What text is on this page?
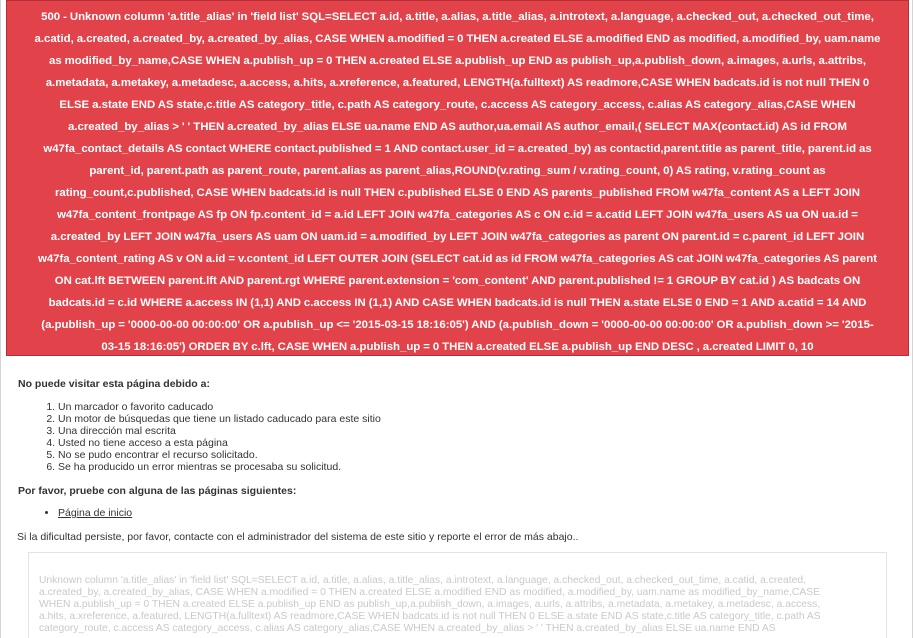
500 - Unknown column 'a.title_alias' in 'field list' SQL=SELECT a.id, a.title, a.alias, a.title_alias, a.introtext, a.language, a.checked_out, a.checked_out_time,
a.catid, a.created, a.created_by, a.created_by_alias, CASE WHEN a.modified = 0 THEN a.created ELSE a.modified END as modified, a.modified_by, uam.name
as modified_by_name,CASE WHEN a.publish_up = 0 THEN a.created ELSE a.publish_up END as publish_up,a.publish_down, a.images, a.urls, a.attribs,
a.metadata, a.metakey, a.metadesc, a.access, a.hits, a.xreference, a.featured, LENGTH(a.fulltext) AS readmore,CASE WHEN badcats.id is not null THEN 0
ELSE a.state END AS state,c.title AS category_title, c.path AS category_route, c.access AS category_access, c.alias AS category_alias,CASE WHEN
a.created_by_alias > ' ' THEN a.created_by_alias ELSE ua.name END AS author,ua.email AS author_email,( SELECT MAX(contact.id) AS id FROM
w47fa_contact_details AS contact WHERE contact.published = 1 AND contact.user_id = a.created_by) as contactid,parent.title as parent_title, parent.id as
parent_id, parent.path as parent_route, parent.alias as parent_alias,ROUND(v.rating_sum / v.rating_count, 0) AS rating, v.rating_count as
rating_count,c.published, CASE WHEN badcats.id is null THEN c.published ELSE 0 END AS parents_published FROM w47fa_content AS a LEFT JOIN
w47fa_content_frontpage AS fp ON fp.content_id = a.id LEFT JOIN w47fa_categories AS c ON c.id = a.catid LEFT JOIN w47fa_users AS ua ON ua.id =
a.created_by LEFT JOIN w47fa_users AS uam ON uam.id = a.modified_by LEFT JOIN w47fa_categories as parent ON parent.id = c.parent_id LEFT JOIN
w47fa_content_rating AS v ON a.id = v.content_id LEFT OUTER JOIN (SELECT cat.id as id FROM w47fa_categories AS cat JOIN w47fa_categories AS parent
ON cat.lft BETWEEN parent.lft AND parent.rgt WHERE parent.extension = 'com_content' AND parent.published != 1 GROUP BY cat.id ) AS badcats ON
badcats.id = c.id WHERE a.access IN (1,1) AND c.access IN (1,1) AND CASE WHEN badcats.id is null THEN a.state ELSE 0 END = 1 AND a.catid = 14 AND
(a.publish_up = '0000-00-00 00:00:00' OR a.publish_up <= '2015-03-15 18:16:05') AND (a.publish_down = '0000-00-00 00:00:00' OR a.publish_down >= '2015-
03-15 18:16:05') ORDER BY c.lft, CASE WHEN a.publish_up = 0 THEN a.created ELSE a.publish_up END DESC , a.created LIMIT 0, 10
No puede visitar esta página debido a:
1. Un marcador o favorito caducado
2. Un motor de búsquedas que tiene un listado caducado para este sitio
3. Una dirección mal escrita
4. Usted no tiene acceso a esta página
5. No se pudo encontrar el recurso solicitado.
6. Se ha producido un error mientras se procesaba su solicitud.
Por favor, pruebe con alguna de las páginas siguientes:
• Página de inicio

Si la dificultad persiste, por favor, contacte con el administrador del sistema de este sitio y reporte el error de más abajo..

Unknown column 'a.title_alias' in 'field list' SQL=SELECT a.id, a.title, a.alias, a.title_alias, a.introtext, a.language, a.checked_out, a.checked_out_time, a.catid, a.created,
a.created_by, a.created_by_alias, CASE WHEN a.modified = 0 THEN a.created ELSE a.modified END as modified, a.modified_by, uam.name as modified_by_name,CASE
WHEN a.publish_up = 0 THEN a.created ELSE a.publish_up END as publish_up,a.publish_down, a.images, a.urls, a.attribs, a.metadata, a.metakey, a.metadesc, a.access,
a.hits, a.xreference, a.featured, LENGTH(a.fulltext) AS readmore,CASE WHEN badcats.id is not null THEN 0 ELSE a.state END AS state,c.title AS category_title, c.path AS
category_route, c.access AS category_access, c.alias AS category_alias,CASE WHEN a.created_by_alias > ' ' THEN a.created_by_alias ELSE ua.name END AS
